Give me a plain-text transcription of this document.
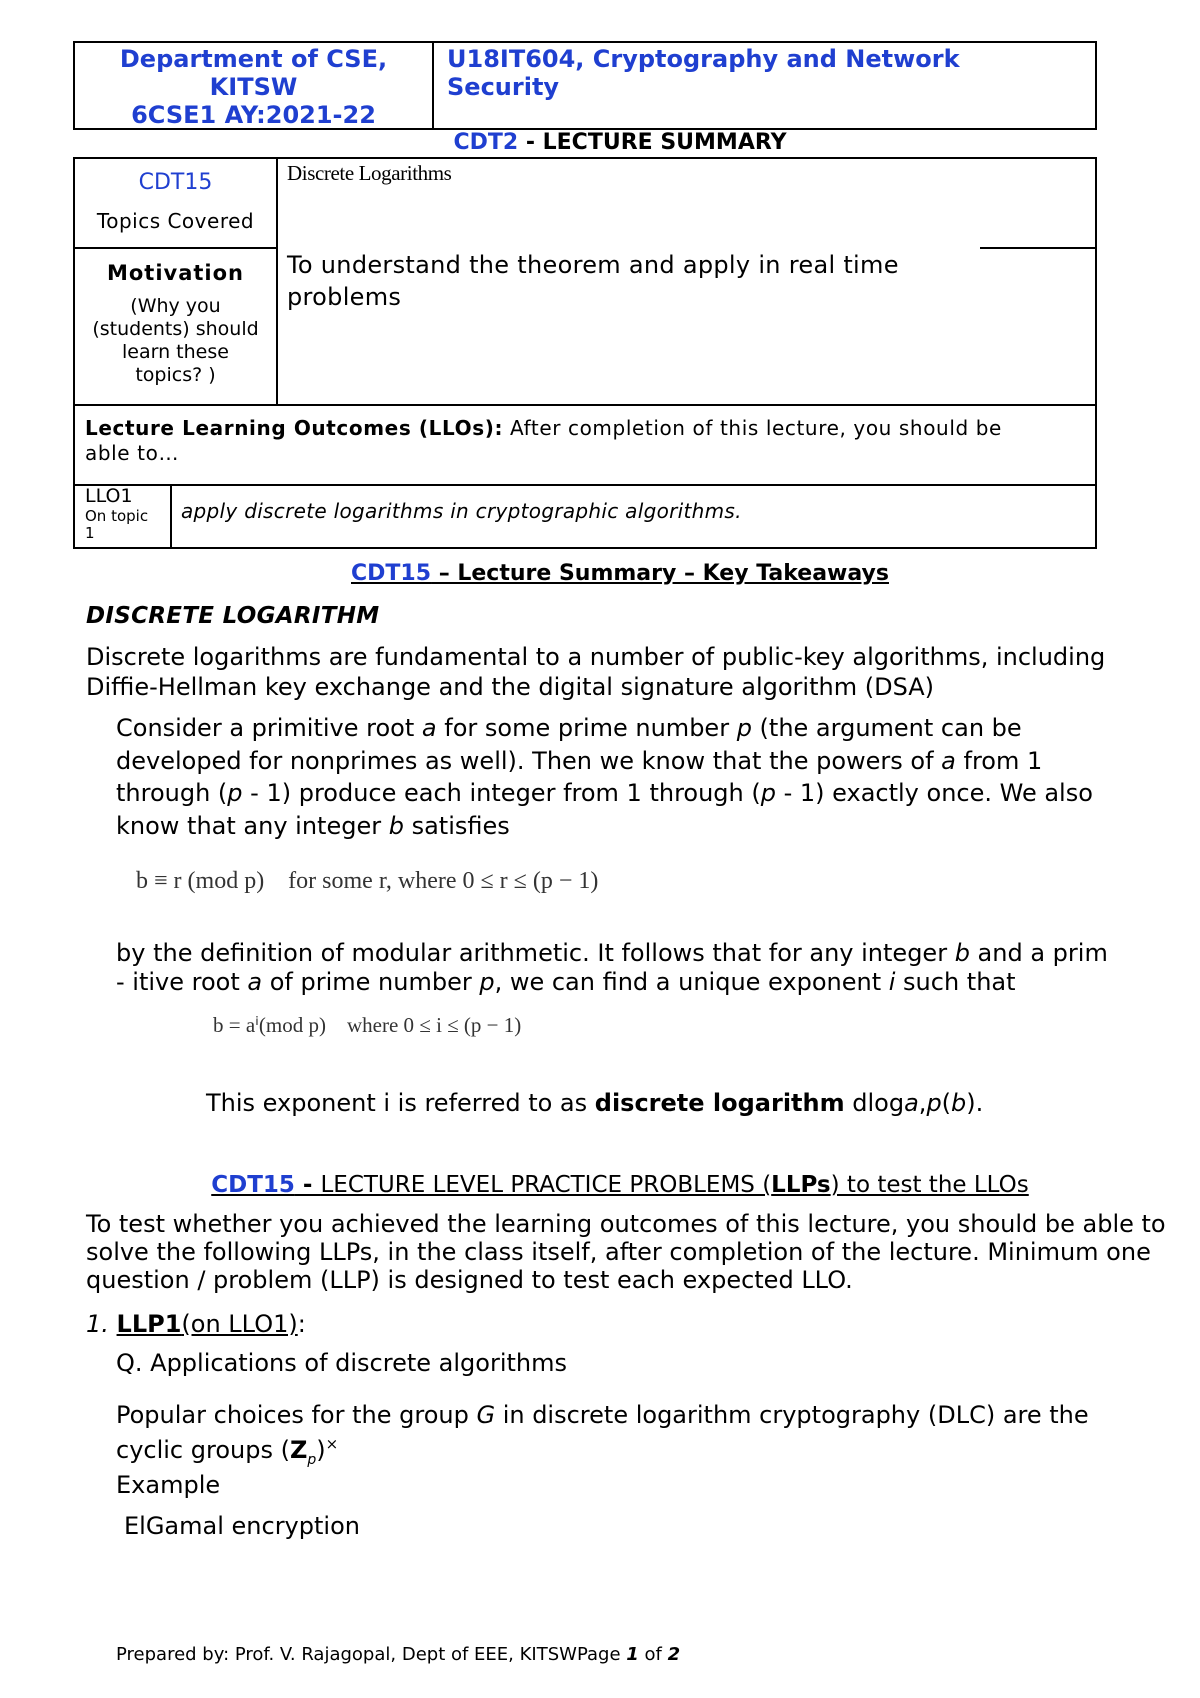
Department of CSE,
KITSW
6CSE1 AY:2021-22
U18IT604, Cryptography and Network Security
CDT2 - LECTURE SUMMARY
CDT15
Topics Covered
Discrete Logarithms
Motivation
(Why you
(students) should
learn these
topics? )
To understand the theorem and apply in real time
problems
Lecture Learning Outcomes (LLOs): After completion of this lecture, you should be
able to…
LLO1
On topic
1
apply discrete logarithms in cryptographic algorithms.
CDT15 – Lecture Summary – Key Takeaways
DISCRETE LOGARITHM
Discrete logarithms are fundamental to a number of public-key algorithms, including
Diffie-Hellman key exchange and the digital signature algorithm (DSA)
Consider a primitive root a for some prime number p (the argument can be
developed for nonprimes as well). Then we know that the powers of a from 1
through (p - 1) produce each integer from 1 through (p - 1) exactly once. We also
know that any integer b satisfies
b ≡ r (mod p)    for some r, where 0 ≤ r ≤ (p − 1)
by the definition of modular arithmetic. It follows that for any integer b and a prim
- itive root a of prime number p, we can find a unique exponent i such that
b = aⁱ(mod p)    where 0 ≤ i ≤ (p − 1)
This exponent i is referred to as discrete logarithm dloga,p(b).
CDT15 - LECTURE LEVEL PRACTICE PROBLEMS (LLPs) to test the LLOs
To test whether you achieved the learning outcomes of this lecture, you should be able to
solve the following LLPs, in the class itself, after completion of the lecture. Minimum one
question / problem (LLP) is designed to test each expected LLO.
1. LLP1(on LLO1):
Q. Applications of discrete algorithms
Popular choices for the group G in discrete logarithm cryptography (DLC) are the
cyclic groups $(Z_p)^\times$
Example
ElGamal encryption
Prepared by: Prof. V. Rajagopal, Dept of EEE, KITSWPage 1 of 2
